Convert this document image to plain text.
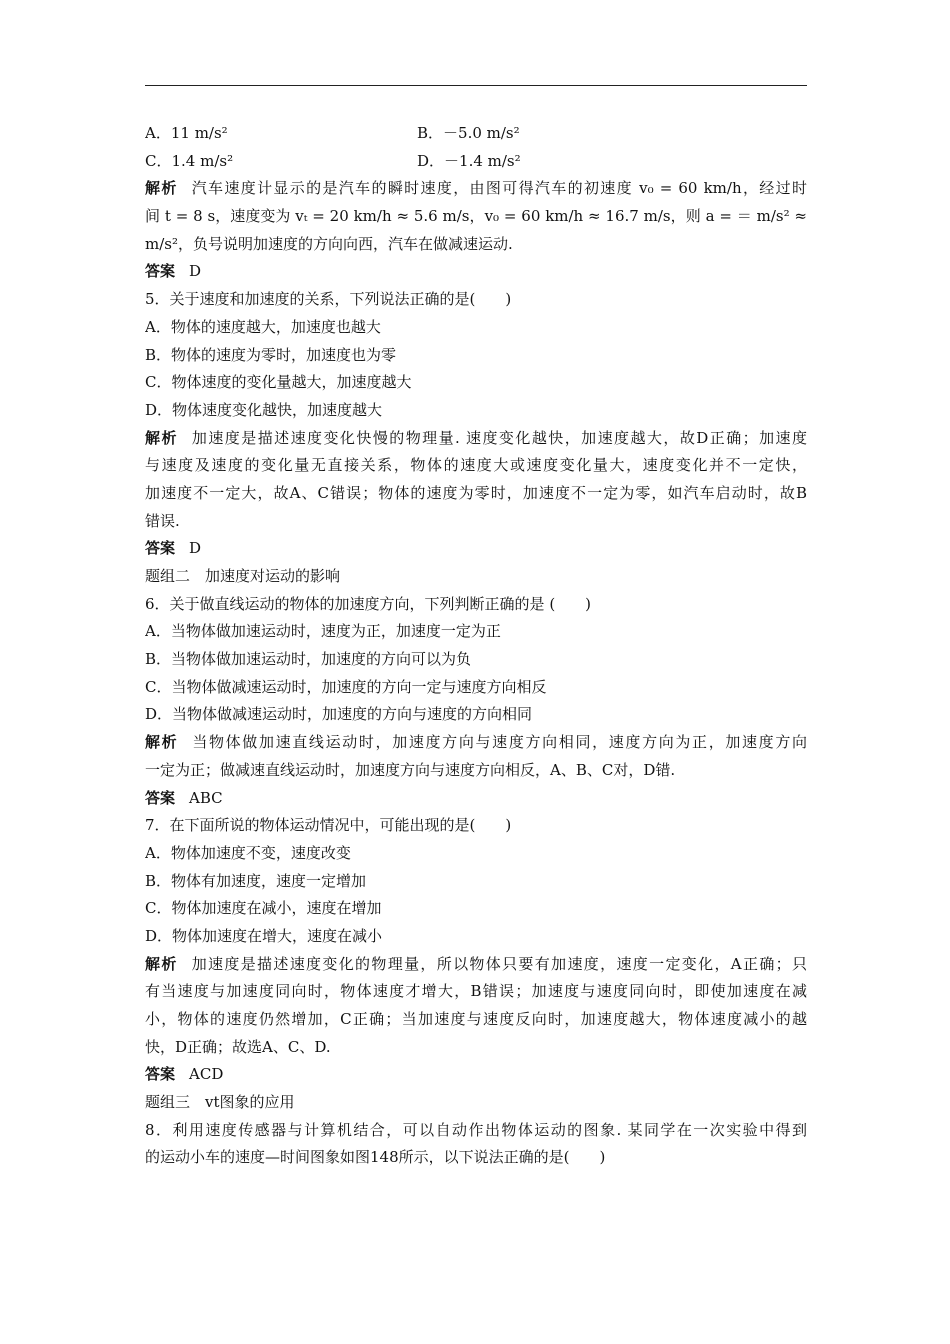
A．11 m/s²	B．－5.0 m/s²
C．1.4 m/s²	D．－1.4 m/s²
解析 汽车速度计显示的是汽车的瞬时速度，由图可得汽车的初速度 v₀ = 60 km/h，经过时
间 t = 8 s，速度变为 vₜ = 20 km/h ≈ 5.6 m/s，v₀ = 60 km/h ≈ 16.7 m/s，则 a = ＝ m/s² ≈
m/s²，负号说明加速度的方向向西，汽车在做减速运动.
答案 D
5．关于速度和加速度的关系，下列说法正确的是(　　)
A．物体的速度越大，加速度也越大
B．物体的速度为零时，加速度也为零
C．物体速度的变化量越大，加速度越大
D．物体速度变化越快，加速度越大
解析 加速度是描述速度变化快慢的物理量. 速度变化越快，加速度越大，故D正确；加速度
与速度及速度的变化量无直接关系，物体的速度大或速度变化量大，速度变化并不一定快，
加速度不一定大，故A、C错误；物体的速度为零时，加速度不一定为零，如汽车启动时，故B
错误.
答案 D
题组二　加速度对运动的影响
6．关于做直线运动的物体的加速度方向，下列判断正确的是 (　　)
A．当物体做加速运动时，速度为正，加速度一定为正
B．当物体做加速运动时，加速度的方向可以为负
C．当物体做减速运动时，加速度的方向一定与速度方向相反
D．当物体做减速运动时，加速度的方向与速度的方向相同
解析 当物体做加速直线运动时，加速度方向与速度方向相同，速度方向为正，加速度方向
一定为正；做减速直线运动时，加速度方向与速度方向相反，A、B、C对，D错.
答案 ABC
7．在下面所说的物体运动情况中，可能出现的是(　　)
A．物体加速度不变，速度改变
B．物体有加速度，速度一定增加
C．物体加速度在减小，速度在增加
D．物体加速度在增大，速度在减小
解析 加速度是描述速度变化的物理量，所以物体只要有加速度，速度一定变化，A正确；只
有当速度与加速度同向时，物体速度才增大，B错误；加速度与速度同向时，即使加速度在减
小，物体的速度仍然增加，C正确；当加速度与速度反向时，加速度越大，物体速度减小的越
快，D正确；故选A、C、D.
答案 ACD
题组三　vt图象的应用
8．利用速度传感器与计算机结合，可以自动作出物体运动的图象. 某同学在一次实验中得到
的运动小车的速度—时间图象如图148所示，以下说法正确的是(　　)
